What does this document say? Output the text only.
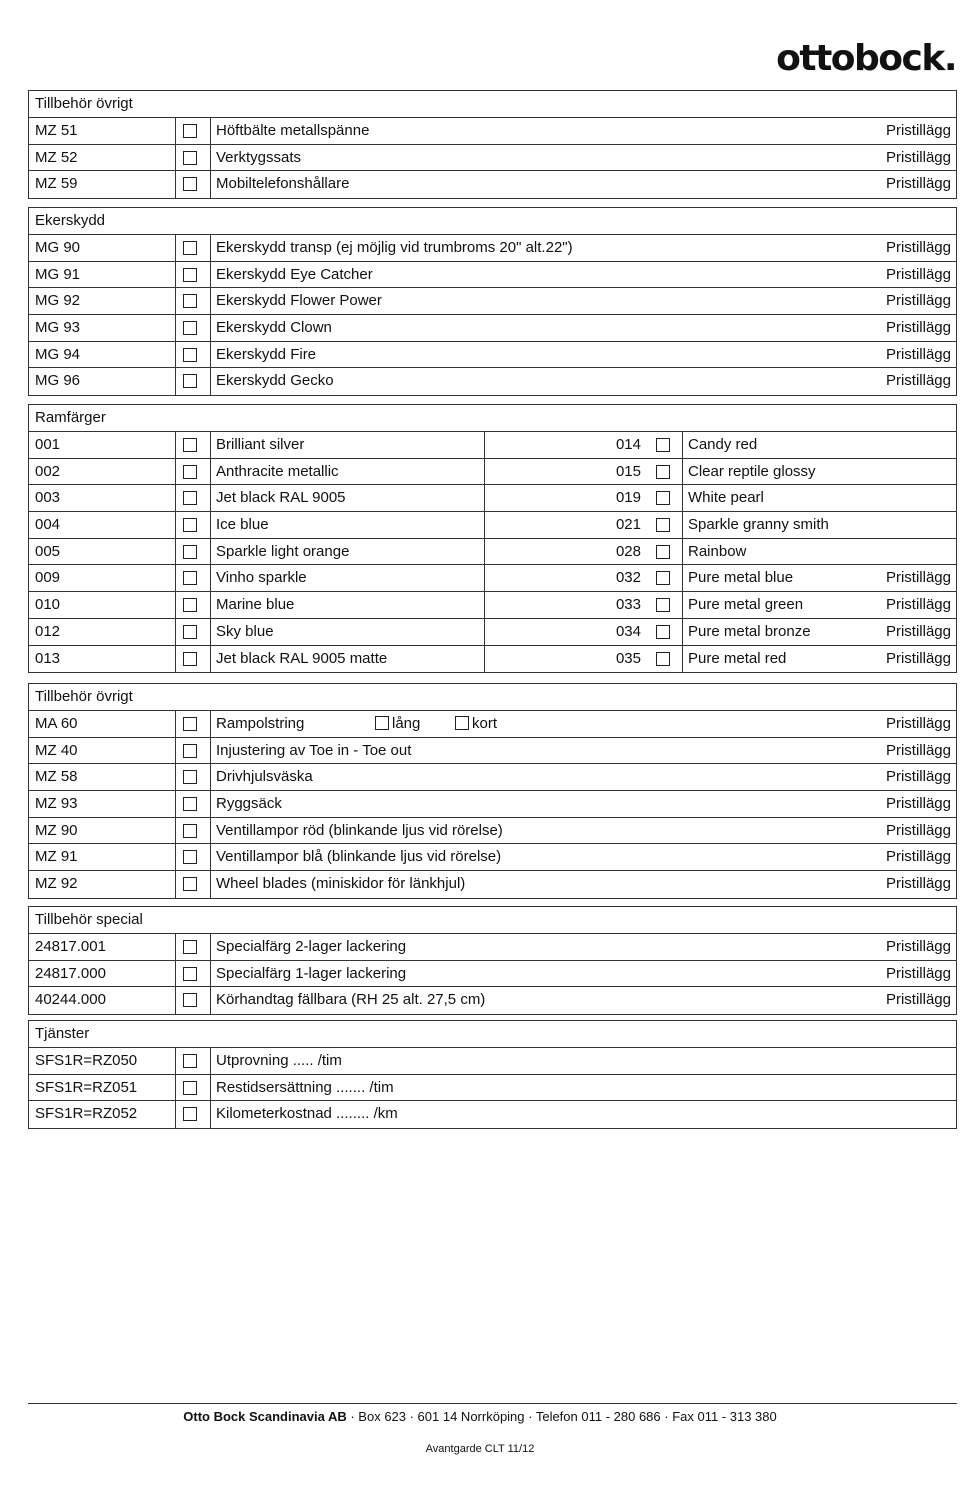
ottobock.
Tillbehör övrigt
MZ 51	Höftbälte metallspänne	Pristillägg
MZ 52	Verktygssats	Pristillägg
MZ 59	Mobiltelefonshållare	Pristillägg
Ekerskydd
MG 90	Ekerskydd transp (ej möjlig vid trumbroms 20" alt.22")	Pristillägg
MG 91	Ekerskydd Eye Catcher	Pristillägg
MG 92	Ekerskydd Flower Power	Pristillägg
MG 93	Ekerskydd Clown	Pristillägg
MG 94	Ekerskydd Fire	Pristillägg
MG 96	Ekerskydd Gecko	Pristillägg
Ramfärger
001	Brilliant silver	014	Candy red
002	Anthracite metallic	015	Clear reptile glossy
003	Jet black RAL 9005	019	White pearl
004	Ice blue	021	Sparkle granny smith
005	Sparkle light orange	028	Rainbow
009	Vinho sparkle	032	Pure metal blue	Pristillägg
010	Marine blue	033	Pure metal green	Pristillägg
012	Sky blue	034	Pure metal bronze	Pristillägg
013	Jet black RAL 9005 matte	035	Pure metal red	Pristillägg
Tillbehör övrigt
MA 60	Rampolstring	lång	kort	Pristillägg
MZ 40	Injustering av Toe in - Toe out	Pristillägg
MZ 58	Drivhjulsväska	Pristillägg
MZ 93	Ryggsäck	Pristillägg
MZ 90	Ventillampor röd (blinkande ljus vid rörelse)	Pristillägg
MZ 91	Ventillampor blå (blinkande ljus vid rörelse)	Pristillägg
MZ 92	Wheel blades (miniskidor för länkhjul)	Pristillägg
Tillbehör special
24817.001	Specialfärg 2-lager lackering	Pristillägg
24817.000	Specialfärg 1-lager lackering	Pristillägg
40244.000	Körhandtag fällbara (RH 25 alt. 27,5 cm)	Pristillägg
Tjänster
SFS1R=RZ050	Utprovning ..... /tim
SFS1R=RZ051	Restidsersättning ....... /tim
SFS1R=RZ052	Kilometerkostnad ........ /km
Otto Bock Scandinavia AB · Box 623 · 601 14 Norrköping · Telefon 011 - 280 686 · Fax 011 - 313 380
Avantgarde CLT 11/12
